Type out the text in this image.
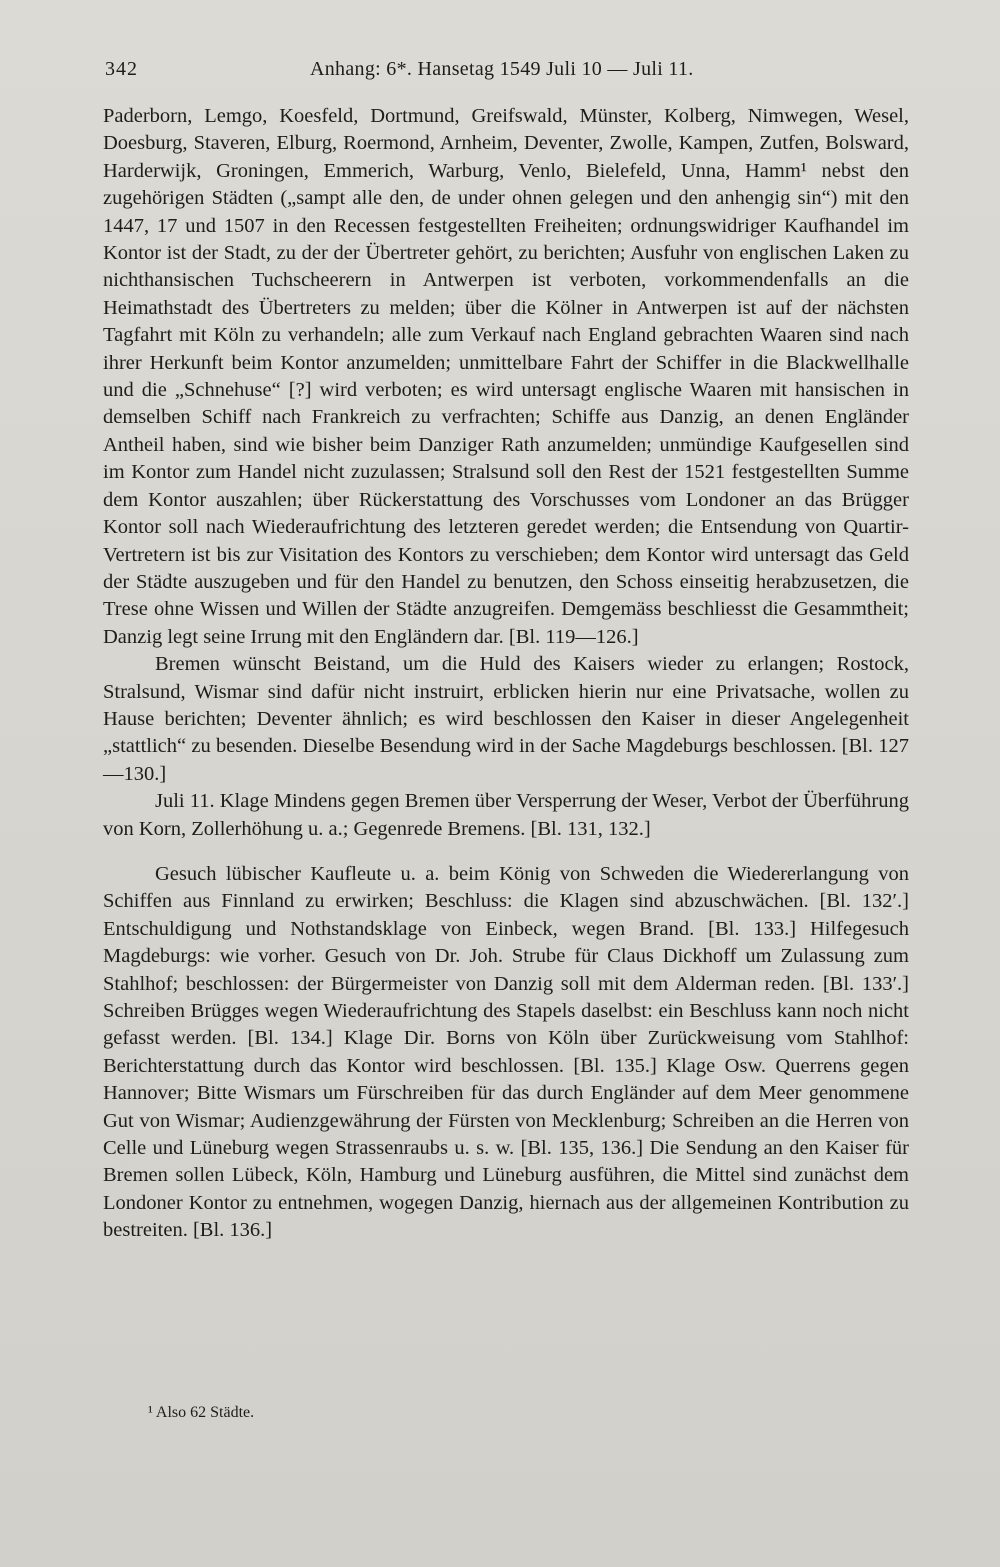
342	Anhang: 6*. Hansetag 1549 Juli 10 — Juli 11.

Paderborn, Lemgo, Koesfeld, Dortmund, Greifswald, Münster, Kolberg, Nimwegen, Wesel, Doesburg, Staveren, Elburg, Roermond, Arnheim, Deventer, Zwolle, Kampen, Zutfen, Bolsward, Harderwijk, Groningen, Emmerich, Warburg, Venlo, Bielefeld, Unna, Hamm¹ nebst den zugehörigen Städten („sampt alle den, de under ohnen gelegen und den anhengig sin“) mit den 1447, 17 und 1507 in den Recessen festgestellten Freiheiten; ordnungswidriger Kaufhandel im Kontor ist der Stadt, zu der der Übertreter gehört, zu berichten; Ausfuhr von englischen Laken zu nichthansischen Tuchscheerern in Antwerpen ist verboten, vorkommendenfalls an die Heimathstadt des Übertreters zu melden; über die Kölner in Antwerpen ist auf der nächsten Tagfahrt mit Köln zu verhandeln; alle zum Verkauf nach England gebrachten Waaren sind nach ihrer Herkunft beim Kontor anzumelden; unmittelbare Fahrt der Schiffer in die Blackwellhalle und die „Schnehuse“ [?] wird verboten; es wird untersagt englische Waaren mit hansischen in demselben Schiff nach Frankreich zu verfrachten; Schiffe aus Danzig, an denen Engländer Antheil haben, sind wie bisher beim Danziger Rath anzumelden; unmündige Kaufgesellen sind im Kontor zum Handel nicht zuzulassen; Stralsund soll den Rest der 1521 festgestellten Summe dem Kontor auszahlen; über Rückerstattung des Vorschusses vom Londoner an das Brügger Kontor soll nach Wiederaufrichtung des letzteren geredet werden; die Entsendung von Quartir-Vertretern ist bis zur Visitation des Kontors zu verschieben; dem Kontor wird untersagt das Geld der Städte auszugeben und für den Handel zu benutzen, den Schoss einseitig herabzusetzen, die Trese ohne Wissen und Willen der Städte anzugreifen. Demgemäss beschliesst die Gesammtheit; Danzig legt seine Irrung mit den Engländern dar. [Bl. 119—126.]

Bremen wünscht Beistand, um die Huld des Kaisers wieder zu erlangen; Rostock, Stralsund, Wismar sind dafür nicht instruirt, erblicken hierin nur eine Privatsache, wollen zu Hause berichten; Deventer ähnlich; es wird beschlossen den Kaiser in dieser Angelegenheit „stattlich“ zu besenden. Dieselbe Besendung wird in der Sache Magdeburgs beschlossen. [Bl. 127—130.]

Juli 11. Klage Mindens gegen Bremen über Versperrung der Weser, Verbot der Überführung von Korn, Zollerhöhung u. a.; Gegenrede Bremens. [Bl. 131, 132.]

Gesuch lübischer Kaufleute u. a. beim König von Schweden die Wiedererlangung von Schiffen aus Finnland zu erwirken; Beschluss: die Klagen sind abzuschwächen. [Bl. 132′.] Entschuldigung und Nothstandsklage von Einbeck, wegen Brand. [Bl. 133.] Hilfegesuch Magdeburgs: wie vorher. Gesuch von Dr. Joh. Strube für Claus Dickhoff um Zulassung zum Stahlhof; beschlossen: der Bürgermeister von Danzig soll mit dem Alderman reden. [Bl. 133′.] Schreiben Brügges wegen Wiederaufrichtung des Stapels daselbst: ein Beschluss kann noch nicht gefasst werden. [Bl. 134.] Klage Dir. Borns von Köln über Zurückweisung vom Stahlhof: Berichterstattung durch das Kontor wird beschlossen. [Bl. 135.] Klage Osw. Querrens gegen Hannover; Bitte Wismars um Fürschreiben für das durch Engländer auf dem Meer genommene Gut von Wismar; Audienzgewährung der Fürsten von Mecklenburg; Schreiben an die Herren von Celle und Lüneburg wegen Strassenraubs u. s. w. [Bl. 135, 136.] Die Sendung an den Kaiser für Bremen sollen Lübeck, Köln, Hamburg und Lüneburg ausführen, die Mittel sind zunächst dem Londoner Kontor zu entnehmen, wogegen Danzig, hiernach aus der allgemeinen Kontribution zu bestreiten. [Bl. 136.]

¹ Also 62 Städte.
